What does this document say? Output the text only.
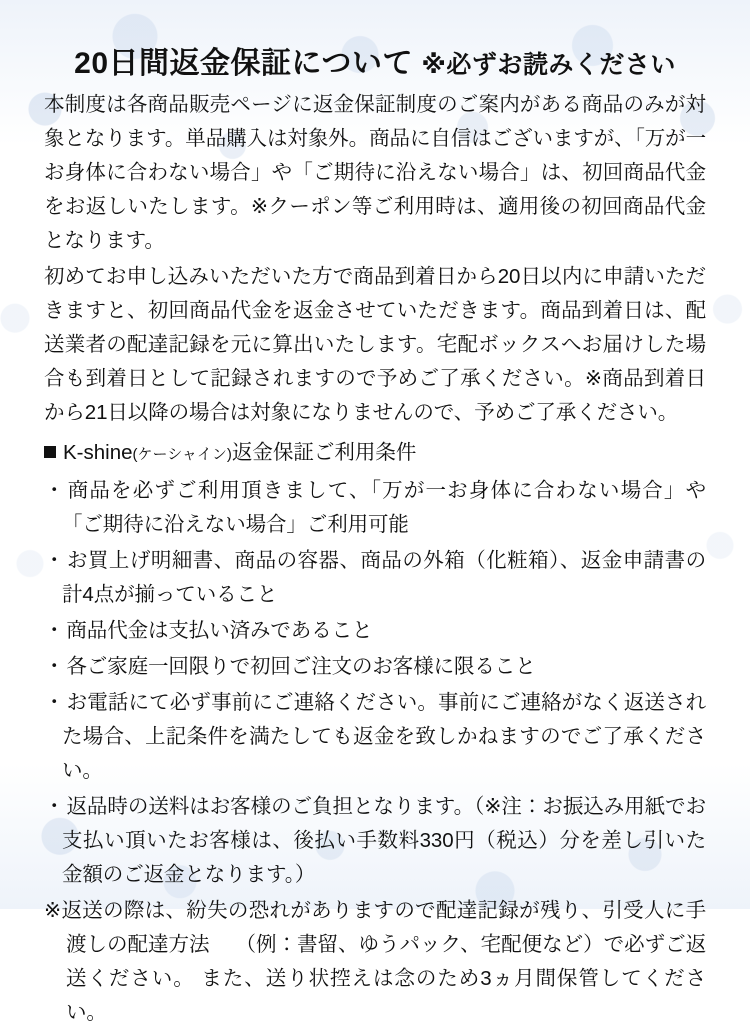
20日間返金保証について ※必ずお読みください

本制度は各商品販売ページに返金保証制度のご案内がある商品のみが対象となります。単品購入は対象外。商品に自信はございますが、「万が一お身体に合わない場合」や「ご期待に沿えない場合」は、初回商品代金をお返しいたします。※クーポン等ご利用時は、適用後の初回商品代金となります。

初めてお申し込みいただいた方で商品到着日から20日以内に申請いただきますと、初回商品代金を返金させていただきます。商品到着日は、配送業者の配達記録を元に算出いたします。宅配ボックスへお届けした場合も到着日として記録されますので予めご了承ください。※商品到着日から21日以降の場合は対象になりませんので、予めご了承ください。

K-shine(ケーシャイン)返金保証ご利用条件
・商品を必ずご利用頂きまして、「万が一お身体に合わない場合」や「ご期待に沿えない場合」ご利用可能
・お買上げ明細書、商品の容器、商品の外箱（化粧箱）、返金申請書の計4点が揃っていること
・商品代金は支払い済みであること
・各ご家庭一回限りで初回ご注文のお客様に限ること
・お電話にて必ず事前にご連絡ください。事前にご連絡がなく返送された場合、上記条件を満たしても返金を致しかねますのでご了承ください。
・返品時の送料はお客様のご負担となります。（※注：お振込み用紙でお支払い頂いたお客様は、後払い手数料330円（税込）分を差し引いた金額のご返金となります。）
※返送の際は、紛失の恐れがありますので配達記録が残り、引受人に手渡しの配達方法 （例：書留、ゆうパック、宅配便など）で必ずご返送ください。 また、送り状控えは念のため3ヵ月間保管してください。
